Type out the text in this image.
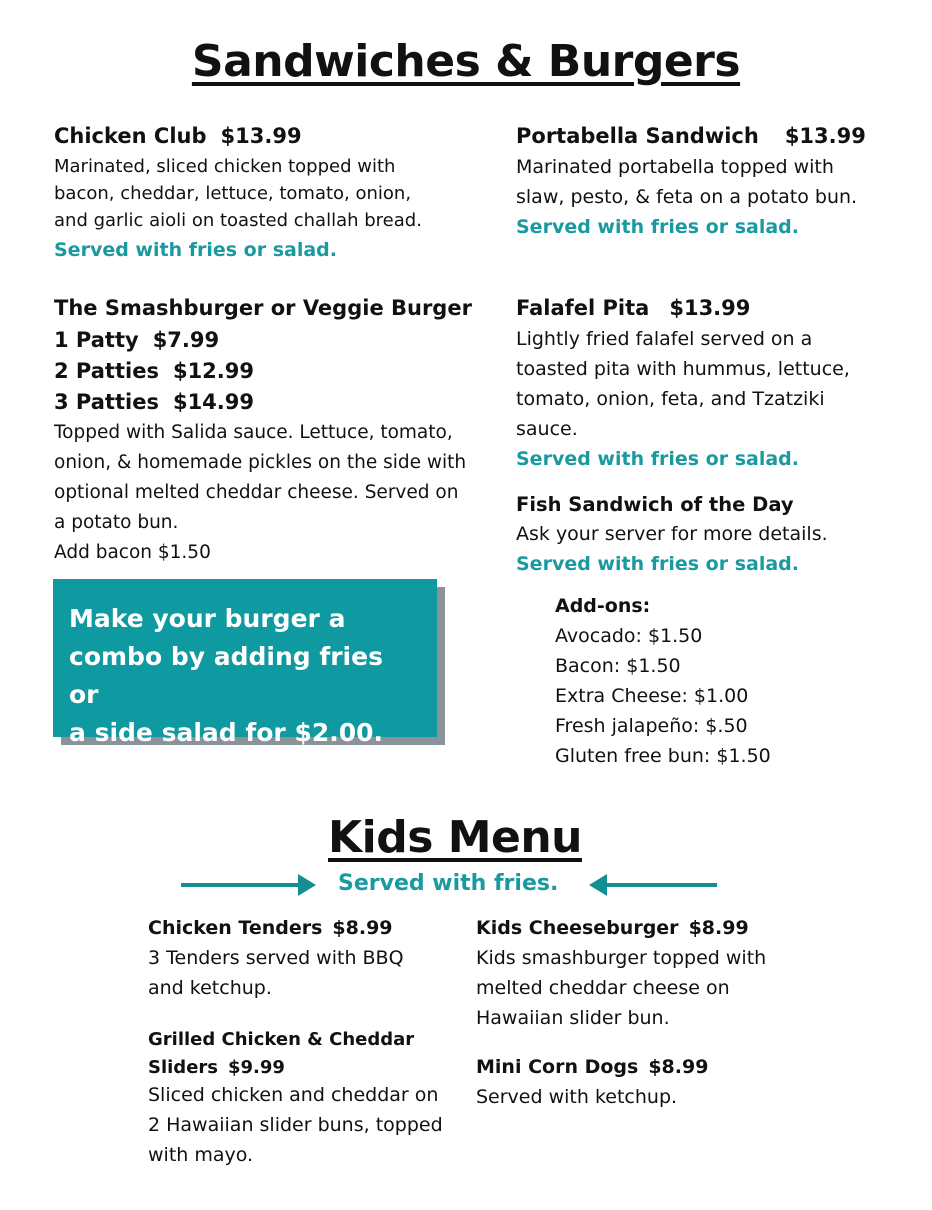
Sandwiches & Burgers
Chicken Club $13.99
Marinated, sliced chicken topped with
bacon, cheddar, lettuce, tomato, onion,
and garlic aioli on toasted challah bread.
Served with fries or salad.
Portabella Sandwich $13.99
Marinated portabella topped with
slaw, pesto, & feta on a potato bun.
Served with fries or salad.
The Smashburger or Veggie Burger
1 Patty $7.99
2 Patties $12.99
3 Patties $14.99
Topped with Salida sauce. Lettuce, tomato,
onion, & homemade pickles on the side with
optional melted cheddar cheese. Served on
a potato bun.
Add bacon $1.50
Make your burger a
combo by adding fries or
a side salad for $2.00.
Falafel Pita $13.99
Lightly fried falafel served on a
toasted pita with hummus, lettuce,
tomato, onion, feta, and Tzatziki
sauce.
Served with fries or salad.
Fish Sandwich of the Day
Ask your server for more details.
Served with fries or salad.
Add-ons:
Avocado: $1.50
Bacon: $1.50
Extra Cheese: $1.00
Fresh jalapeño: $.50
Gluten free bun: $1.50
Kids Menu
Served with fries.
Chicken Tenders $8.99
3 Tenders served with BBQ
and ketchup.
Grilled Chicken & Cheddar
Sliders $9.99
Sliced chicken and cheddar on
2 Hawaiian slider buns, topped
with mayo.
Kids Cheeseburger $8.99
Kids smashburger topped with
melted cheddar cheese on
Hawaiian slider bun.
Mini Corn Dogs $8.99
Served with ketchup.
